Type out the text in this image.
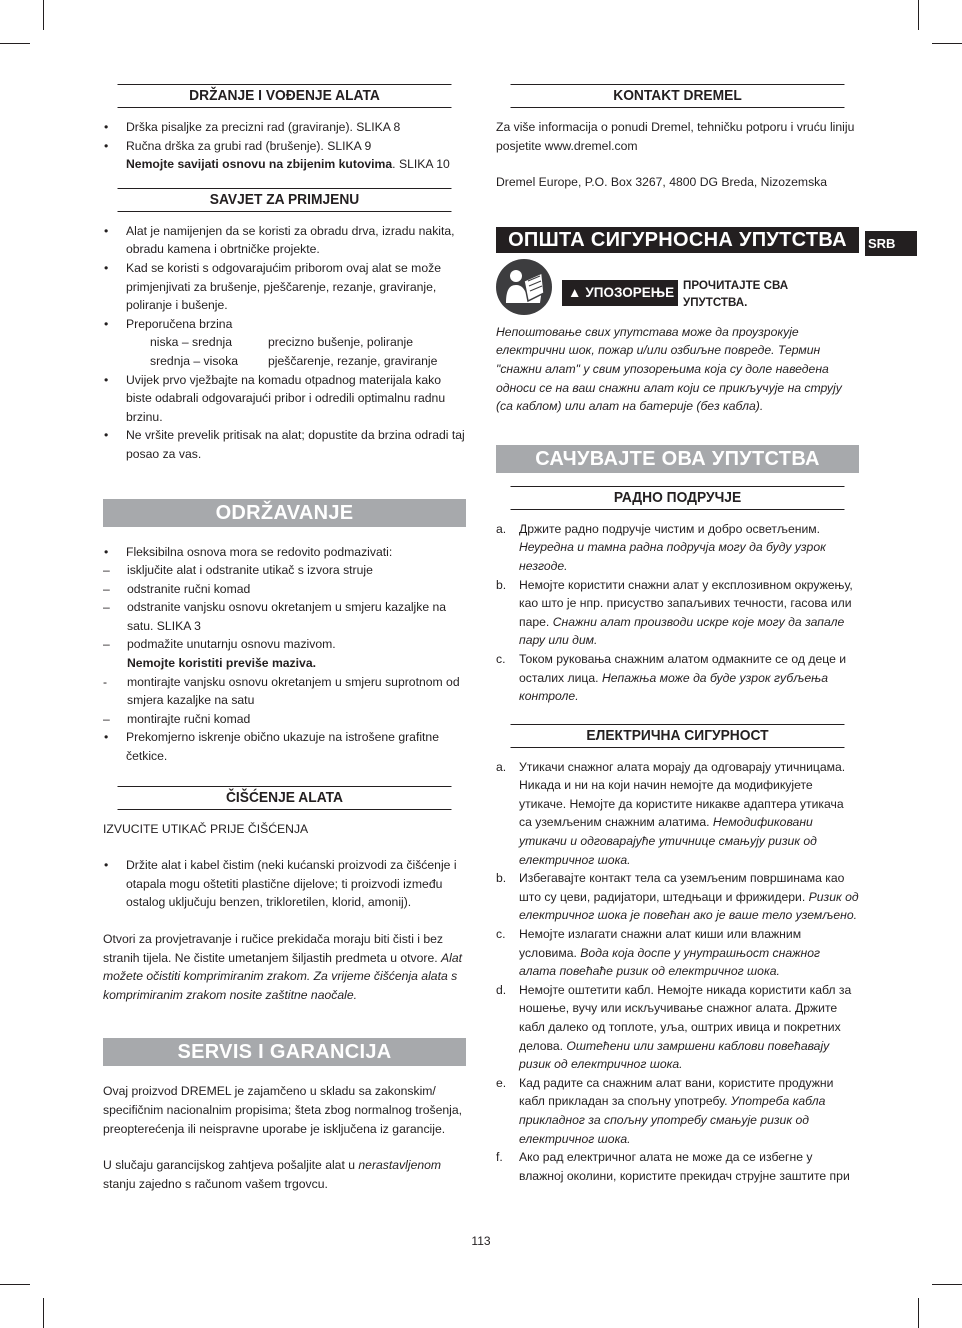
DRŽANJE I VOĐENJE ALATA
• Drška pisaljke za precizni rad (graviranje). SLIKA 8
• Ručna drška za grubi rad (brušenje). SLIKA 9
Nemojte savijati osnovu na zbijenim kutovima. SLIKA 10
SAVJET ZA PRIMJENU
• Alat je namijenjen da se koristi za obradu drva, izradu nakita, obradu kamena i obrtničke projekte.
• Kad se koristi s odgovarajućim priborom ovaj alat se može primjenjivati za brušenje, pješčarenje, rezanje, graviranje, poliranje i bušenje.
• Preporučena brzina
niska – srednja	precizno bušenje, poliranje
srednja – visoka	pješčarenje, rezanje, graviranje
• Uvijek prvo vježbajte na komadu otpadnog materijala kako biste odabrali odgovarajući pribor i odredili optimalnu radnu brzinu.
• Ne vršite prevelik pritisak na alat; dopustite da brzina odradi taj posao za vas.
ODRŽAVANJE
• Fleksibilna osnova mora se redovito podmazivati:
– isključite alat i odstranite utikač s izvora struje
– odstranite ručni komad
– odstranite vanjsku osnovu okretanjem u smjeru kazaljke na satu. SLIKA 3
– podmažite unutarnju osnovu mazivom.
Nemojte koristiti previše maziva.
- montirajte vanjsku osnovu okretanjem u smjeru suprotnom od smjera kazaljke na satu
– montirajte ručni komad
• Prekomjerno iskrenje obično ukazuje na istrošene grafitne četkice.
ČIŠĆENJE ALATA

IZVUCITE UTIKAČ PRIJE ČIŠĆENJA

• Držite alat i kabel čistim (neki kućanski proizvodi za čišćenje i otapala mogu oštetiti plastične dijelove; ti proizvodi između ostalog uključuju benzen, trikloretilen, klorid, amonij).

Otvori za provjetravanje i ručice prekidača moraju biti čisti i bez stranih tijela. Ne čistite umetanjem šiljastih predmeta u otvore. Alat možete očistiti komprimiranim zrakom. Za vrijeme čišćenja alata s komprimiranim zrakom nosite zaštitne naočale.

SERVIS I GARANCIJA

Ovaj proizvod DREMEL je zajamčeno u skladu sa zakonskim/ specifičnim nacionalnim propisima; šteta zbog normalnog trošenja, preopterećenja ili neispravne uporabe je isključena iz garancije.

U slučaju garancijskog zahtjeva pošaljite alat u nerastavljenom stanju zajedno s računom vašem trgovcu.

KONTAKT DREMEL

Za više informacija o ponudi Dremel, tehničku potporu i vruću liniju posjetite www.dremel.com

Dremel Europe, P.O. Box 3267, 4800 DG Breda, Nizozemska

ОПШТА СИГУРНОСНА УПУТСТВА
▲ УПОЗОРЕЊЕ ПРОЧИТАЈТЕ СВА УПУТСТВА.

Непоштовање свих упутстава може да проузрокује електрични шок, пожар и/или озбиљне повреде. Термин "снажни алат" у свим упозорењима која су доле наведена односи се на ваш снажни алат који се прикључује на струју (са каблом) или алат на батерије (без кабла).

САЧУВАЈТЕ ОВА УПУТСТВА
РАДНО ПОДРУЧЈЕ
a. Држите радно подручје чистим и добро осветљеним. Неуредна и тамна радна подручја могу да буду узрок незгоде.
b. Немојте користити снажни алат у експлозивном окружењу, као што је нпр. присуство запаљивих течности, гасова или паре. Снажни алат производи искре које могу да запале пару или дим.
c. Током руковања снажним алатом одмакните се од деце и осталих лица. Непажња може да буде узрок губљења контроле.
ЕЛЕКТРИЧНА СИГУРНОСТ
a. Утикачи снажног алата морају да одговарају утичницама. Никада и ни на који начин немојте да модификујете утикаче. Немојте да користите никакве адаптера утикача са уземљеним снажним алатима. Немодификовани утикачи и одговарајуће утичнице смањују ризик од електричног шока.
b. Избегавајте контакт тела са уземљеним површинама као што су цеви, радијатори, штедњаци и фрижидери. Ризик од електричног шока је повећан ако је ваше тело уземљено.
c. Немојте излагати снажни алат киши или влажним условима. Вода која доспе у унутрашњост снажног алата повећаће ризик од електричног шока.
d. Немојте оштетити кабл. Немојте никада користити кабл за ношење, вучу или искључивање снажног алата. Држите кабл далеко од топлоте, уља, оштрих ивица и покретних делова. Оштећени или замршени каблови повећавају ризик од електричног шока.
e. Кад радите са снажним алат вани, користите продужни кабл прикладан за спољну употребу. Употреба кабла прикладног за спољну употребу смањује ризик од електричног шока.
f. Ако рад електричног алата не може да се избегне у влажној околини, користите прекидач струјне заштите при
SRB
113
